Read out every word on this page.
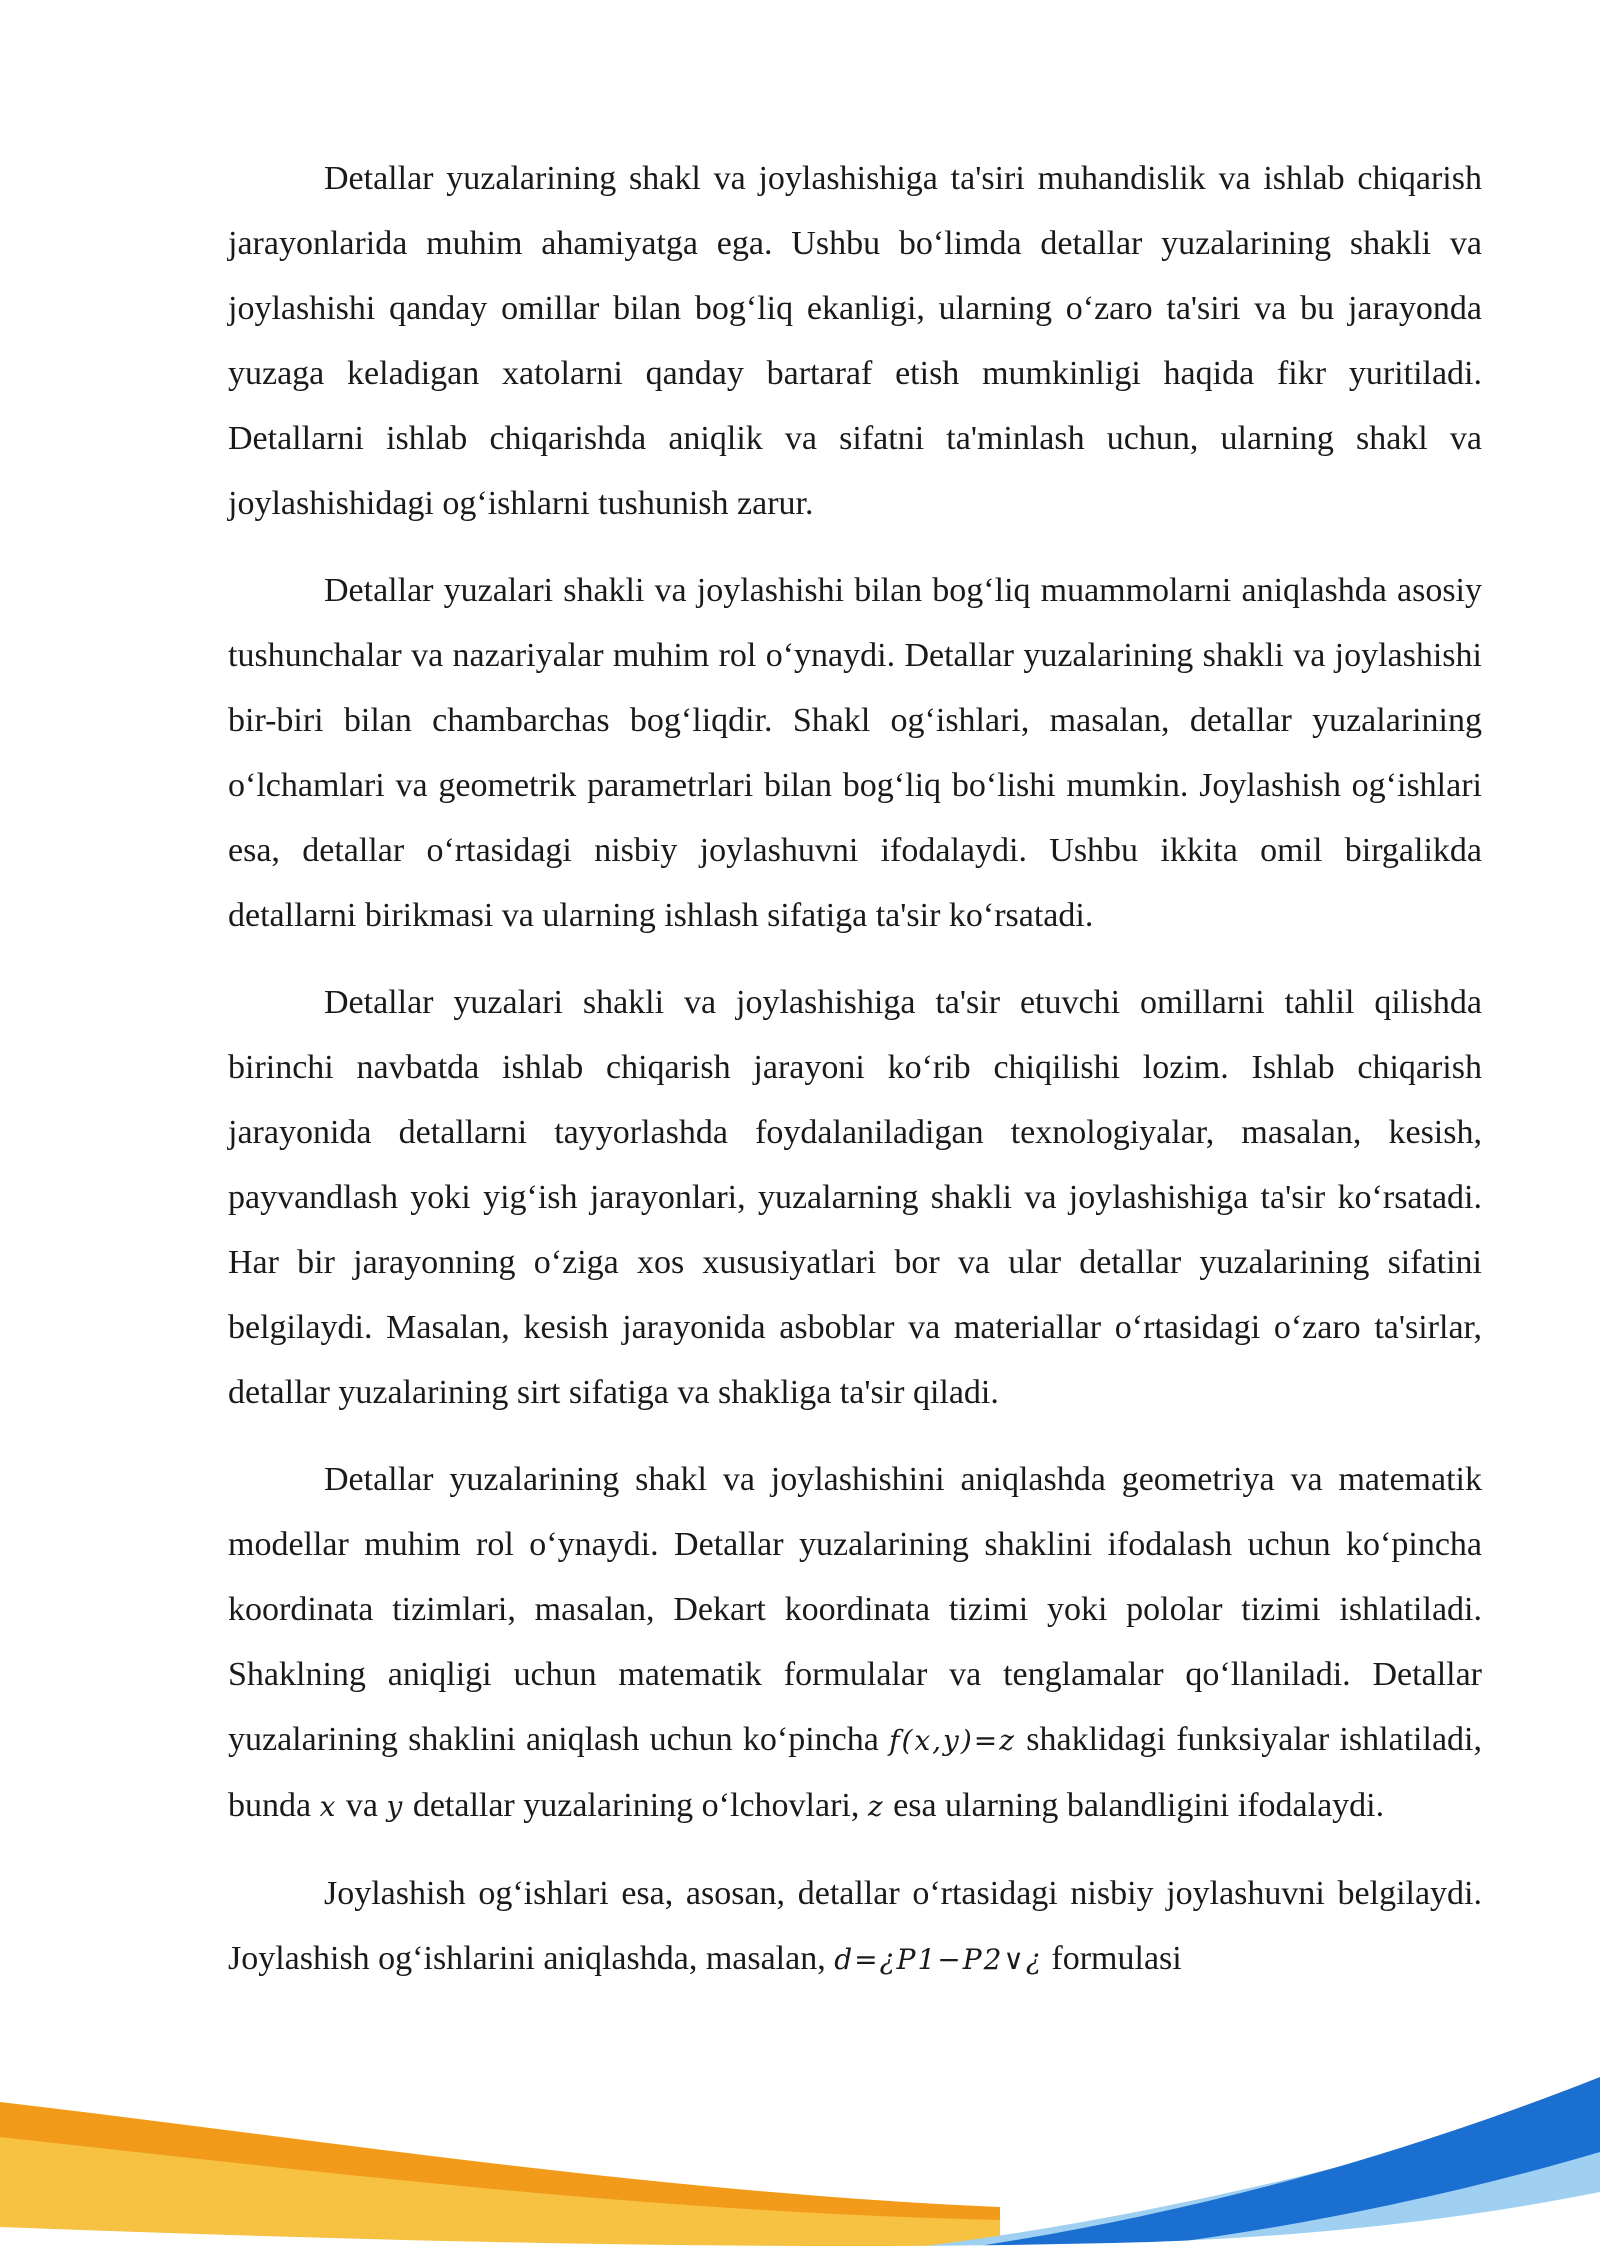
Detallar yuzalarining shakl va joylashishiga ta'siri muhandislik va ishlab chiqarish jarayonlarida muhim ahamiyatga ega. Ushbu bo‘limda detallar yuzalarining shakli va joylashishi qanday omillar bilan bog‘liq ekanligi, ularning o‘zaro ta'siri va bu jarayonda yuzaga keladigan xatolarni qanday bartaraf etish mumkinligi haqida fikr yuritiladi. Detallarni ishlab chiqarishda aniqlik va sifatni ta'minlash uchun, ularning shakl va joylashishidagi og‘ishlarni tushunish zarur.

Detallar yuzalari shakli va joylashishi bilan bog‘liq muammolarni aniqlashda asosiy tushunchalar va nazariyalar muhim rol o‘ynaydi. Detallar yuzalarining shakli va joylashishi bir-biri bilan chambarchas bog‘liqdir. Shakl og‘ishlari, masalan, detallar yuzalarining o‘lchamlari va geometrik parametrlari bilan bog‘liq bo‘lishi mumkin. Joylashish og‘ishlari esa, detallar o‘rtasidagi nisbiy joylashuvni ifodalaydi. Ushbu ikkita omil birgalikda detallarni birikmasi va ularning ishlash sifatiga ta'sir ko‘rsatadi.

Detallar yuzalari shakli va joylashishiga ta'sir etuvchi omillarni tahlil qilishda birinchi navbatda ishlab chiqarish jarayoni ko‘rib chiqilishi lozim. Ishlab chiqarish jarayonida detallarni tayyorlashda foydalaniladigan texnologiyalar, masalan, kesish, payvandlash yoki yig‘ish jarayonlari, yuzalarning shakli va joylashishiga ta'sir ko‘rsatadi. Har bir jarayonning o‘ziga xos xususiyatlari bor va ular detallar yuzalarining sifatini belgilaydi. Masalan, kesish jarayonida asboblar va materiallar o‘rtasidagi o‘zaro ta'sirlar, detallar yuzalarining sirt sifatiga va shakliga ta'sir qiladi.

Detallar yuzalarining shakl va joylashishini aniqlashda geometriya va matematik modellar muhim rol o‘ynaydi. Detallar yuzalarining shaklini ifodalash uchun ko‘pincha koordinata tizimlari, masalan, Dekart koordinata tizimi yoki pololar tizimi ishlatiladi. Shaklning aniqligi uchun matematik formulalar va tenglamalar qo‘llaniladi. Detallar yuzalarining shaklini aniqlash uchun ko‘pincha f(x,y)=z shaklidagi funksiyalar ishlatiladi, bunda x va y detallar yuzalarining o‘lchovlari, z esa ularning balandligini ifodalaydi.

Joylashish og‘ishlari esa, asosan, detallar o‘rtasidagi nisbiy joylashuvni belgilaydi. Joylashish og‘ishlarini aniqlashda, masalan, d=¿P1−P2∨¿ formulasi
